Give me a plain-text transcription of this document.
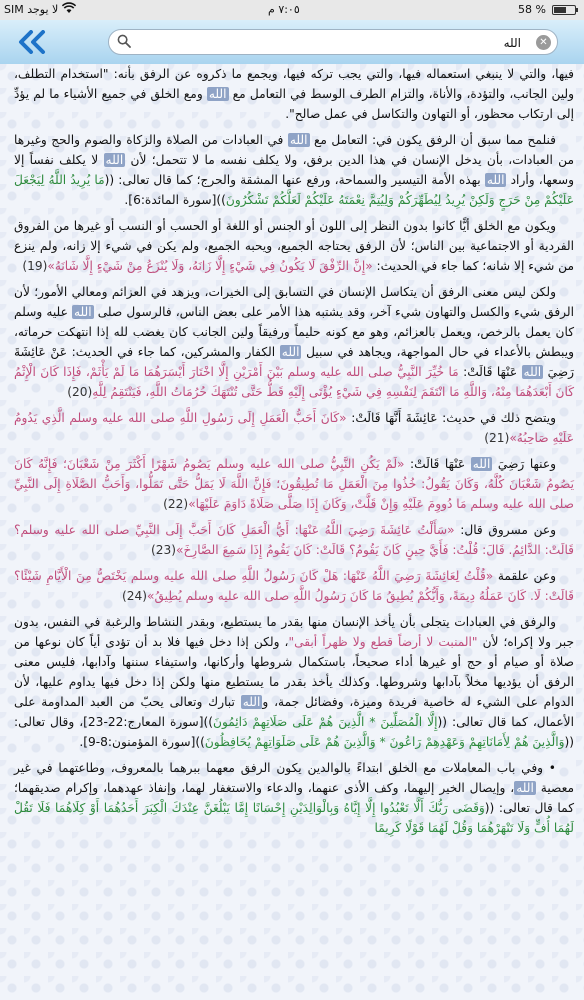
SIM لا يوجد	٧:٠٥ م	58 %
الله
✕

فيها، والتي لا ينبغي استعماله فيها، والتي يجب تركه فيها، ويجمع ما ذكروه عن الرفق بأنه: "استخدام التطلف، ولين الجانب، والتؤدة، والأناة، والتزام الطرف الوسط في التعامل مع الله ومع الخلق في جميع الأشياء ما لم يؤدِّ إلى ارتكاب محظور، أو التهاون والتكاسل في عمل صالح".

فنلمح مما سبق أن الرفق يكون في: التعامل مع الله في العبادات من الصلاة والزكاة والصوم والحج وغيرها من العبادات، بأن يدخل الإنسان في هذا الدين برفق، ولا يكلف نفسه ما لا تتحمل؛ لأن الله لا يكلف نفساً إلا وسعها، وأراد الله بهذه الأمة التيسير والسماحة، ورفع عنها المشقة والحرج؛ كما قال تعالى: ((مَا يُرِيدُ اللَّهُ لِيَجْعَلَ عَلَيْكُمْ مِنْ حَرَجٍ وَلَكِنْ يُرِيدُ لِيُطَهِّرَكُمْ وَلِيُتِمَّ نِعْمَتَهُ عَلَيْكُمْ لَعَلَّكُمْ تَشْكُرُونَ))[سورة المائدة:6].

ويكون مع الخلق أيًّا كانوا بدون النظر إلى اللون أو الجنس أو اللغة أو الحسب أو النسب أو غيرها من الفروق الفردية أو الاجتماعية بين الناس؛ لأن الرفق يحتاجه الجميع، ويحبه الجميع، ولم يكن في شيء إلا زانه، ولم ينزع من شيء إلا شانه؛ كما جاء في الحديث: «إِنَّ الرِّفْقَ لَا يَكُونُ فِي شَيْءٍ إِلَّا زَانَهُ، وَلَا يُنْزَعُ مِنْ شَيْءٍ إِلَّا شَانَهُ»(19)

ولكن ليس معنى الرفق أن يتكاسل الإنسان في التسابق إلى الخيرات، ويزهد في العزائم ومعالي الأمور؛ لأن الرفق شيء والكسل والتهاون شيء آخر، وقد يشتبه هذا الأمر على بعض الناس، فالرسول صلى الله عليه وسلم كان يعمل بالرخص، ويعمل بالعزائم، وهو مع كونه حليماً ورفيقاً ولين الجانب كان يغضب لله إذا انتهكت حرماته، ويبطش بالأعداء في حال المواجهة، ويجاهد في سبيل الله الكفار والمشركين، كما جاء في الحديث: عَنْ عَائِشَةَ رَضِيَ الله عَنْهَا قَالَتْ: مَا خُيِّرَ النَّبِيُّ صلى الله عليه وسلم بَيْنَ أَمْرَيْنِ إِلَّا اخْتَارَ أَيْسَرَهُمَا مَا لَمْ يَأْثَمْ، فَإِذَا كَانَ الْإِثْمُ كَانَ أَبْعَدَهُمَا مِنْهُ، وَاللَّهِ مَا انْتَقَمَ لِنَفْسِهِ فِي شَيْءٍ يُؤْتَى إِلَيْهِ قَطُّ حَتَّى تُنْتَهَكَ حُرُمَاتُ اللَّهِ، فَيَنْتَقِمُ لِلَّهِ(20)

ويتضح ذلك في حديث: عَائِشَةَ أَنَّهَا قَالَتْ: «كَانَ أَحَبُّ الْعَمَلِ إِلَى رَسُولِ اللَّهِ صلى الله عليه وسلم الَّذِي يَدُومُ عَلَيْهِ صَاحِبُهُ»(21)

وعنها رَضِيَ الله عَنْهَا قَالَتْ: «لَمْ يَكُنِ النَّبِيُّ صلى الله عليه وسلم يَصُومُ شَهْرًا أَكْثَرَ مِنْ شَعْبَانَ؛ فَإِنَّهُ كَانَ يَصُومُ شَعْبَانَ كُلَّهُ، وَكَانَ يَقُولُ: خُذُوا مِنَ الْعَمَلِ مَا تُطِيقُونَ؛ فَإِنَّ اللَّهَ لَا يَمَلُّ حَتَّى تَمَلُّوا، وَأَحَبُّ الصَّلَاةِ إِلَى النَّبِيِّ صلى الله عليه وسلم مَا دُووِمَ عَلَيْهِ وَإِنْ قَلَّتْ، وَكَانَ إِذَا صَلَّى صَلَاةً دَاوَمَ عَلَيْهَا»(22)

وعن مسروق قال: «سَأَلْتُ عَائِشَةَ رَضِيَ اللَّهُ عَنْهَا: أَيُّ الْعَمَلِ كَانَ أَحَبَّ إِلَى النَّبِيِّ صلى الله عليه وسلم؟ قَالَتْ: الدَّائِمُ. قَالَ: قُلْتُ: فَأَيَّ حِينٍ كَانَ يَقُومُ؟ قَالَتْ: كَانَ يَقُومُ إِذَا سَمِعَ الصَّارِخَ»(23)

وعن علقمة «قُلْتُ لِعَائِشَةَ رَضِيَ اللَّهُ عَنْهَا: هَلْ كَانَ رَسُولُ اللَّهِ صلى الله عليه وسلم يَخْتَصُّ مِنَ الْأَيَّامِ شَيْئًا؟ قَالَتْ: لَا. كَانَ عَمَلُهُ دِيمَةً، وَأَيُّكُمْ يُطِيقُ مَا كَانَ رَسُولُ اللَّهِ صلى الله عليه وسلم يُطِيقُ»(24)

والرفق في العبادات يتجلى بأن يأخذ الإنسان منها بقدر ما يستطيع، وبقدر النشاط والرغبة في النفس، بدون جبر ولا إكراه؛ لأن "المنبت لا أرضاً قطع ولا ظهراً أبقى"، ولكن إذا دخل فيها فلا بد أن تؤدى أياً كان نوعها من صلاة أو صيام أو حج أو غيرها أداء صحيحاً، باستكمال شروطها وأركانها، واستيفاء سننها وآدابها، فليس معنى الرفق أن يؤديها مخلاً بآدابها وشروطها. وكذلك يأخذ بقدر ما يستطيع منها ولكن إذا دخل فيها يداوم عليها، لأن الدوام على الشيء له خاصية فريدة وميزة، وفضائل جمة، والله تبارك وتعالى يحبّ من العبد المداومة على الأعمال، كما قال تعالى: ((إِلَّا الْمُصَلِّينَ * الَّذِينَ هُمْ عَلَى صَلَاتِهِمْ دَائِمُونَ))[سورة المعارج:22-23]، وقال تعالى: ((وَالَّذِينَ هُمْ لِأَمَانَاتِهِمْ وَعَهْدِهِمْ رَاعُونَ * وَالَّذِينَ هُمْ عَلَى صَلَوَاتِهِمْ يُحَافِظُونَ))[سورة المؤمنون:8-9].

• وفي باب المعاملات مع الخلق ابتداءً بالوالدين يكون الرفق معهما ببرهما بالمعروف، وطاعتهما في غير معصية الله، وإيصال الخير إليهما، وكف الأذى عنهما، والدعاء والاستغفار لهما، وإنفاذ عهدهما، وإكرام صديقهما؛ كما قال تعالى: ((وَقَضَى رَبُّكَ أَلَّا تَعْبُدُوا إِلَّا إِيَّاهُ وَبِالْوَالِدَيْنِ إِحْسَانًا إِمَّا يَبْلُغَنَّ عِنْدَكَ الْكِبَرَ أَحَدُهُمَا أَوْ كِلَاهُمَا فَلَا تَقُلْ لَهُمَا أُفٍّ وَلَا تَنْهَرْهُمَا وَقُلْ لَهُمَا قَوْلًا كَرِيمًا
